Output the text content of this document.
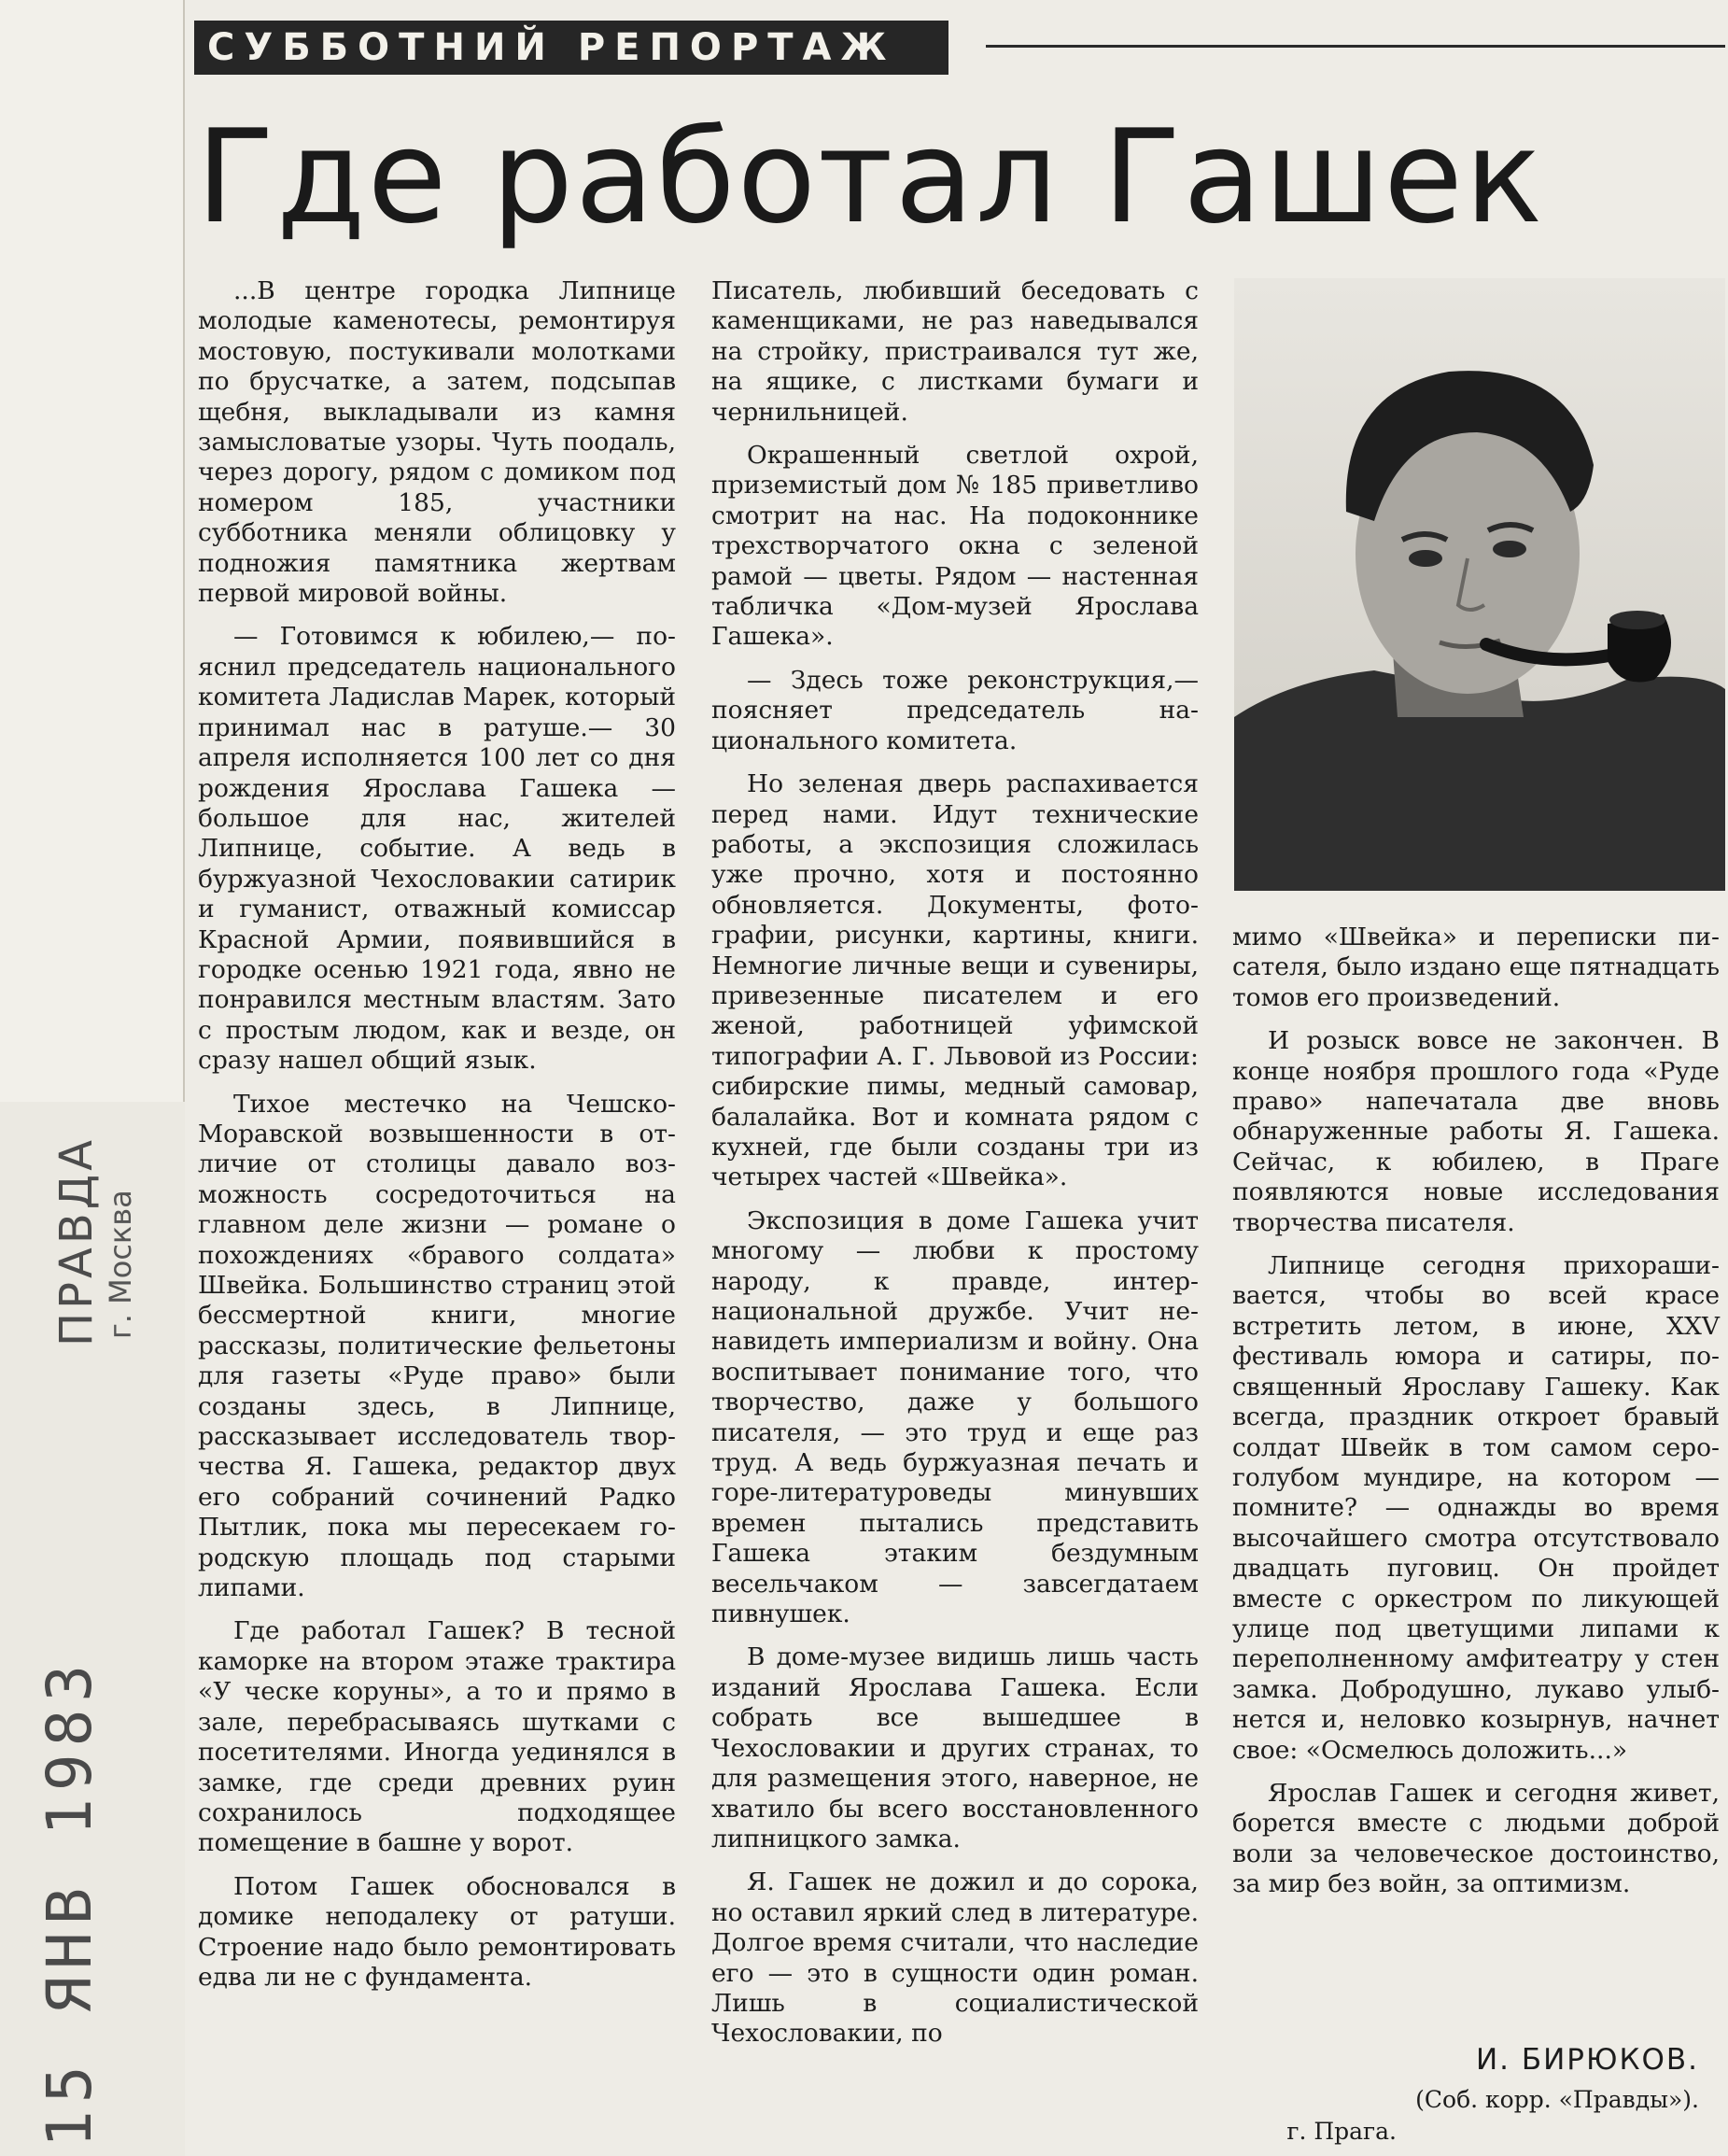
СУББОТНИЙ РЕПОРТАЖ
Где работал Гашек

...В центре городка Липнице молодые каменотесы, ремонтируя мостовую, постукивали молоткaми по брусчатке, а затем, подсыпав щебня, выкладывали из камня замысловатые узоры. Чуть поодаль, через дорогу, рядом с домиком под номером 185, участники субботника меняли облицовку у подножия памятника жертвам первой мировой войны.

— Готовимся к юбилею,— пояснил председатель национального комитета Ладислав Марек, который принимал нас в ратуше.— 30 апреля исполняется 100 лет со дня рождения Ярослава Гашека — большое для нас, жителей Липнице, событие. А ведь в буржуазной Чехословакии сатирик и гуманист, отважный комиссар Красной Армии, появившийся в городке осенью 1921 года, явно не понравился местным властям. Зато с простым людом, как и везде, он сразу нашел общий язык.

Тихое местечко на Чешско-Моравской возвышенности в отличие от столицы давало возможность сосредоточиться на главном деле жизни — романе о похождениях «бравого солдата» Швейка. Большинство страниц этой бессмертной книги, многие рассказы, политические фельетоны для газеты «Руде право» были созданы здесь, в Липнице, рассказывает исследователь творчества Я. Гашека, редактор двух его собраний сочинений Радко Пытлик, пока мы пересекаем городскую площадь под старыми липами.

Где работал Гашек? В тесной каморке на втором этаже трактира «У ческе коруны», а то и прямо в зале, перебрасываясь шутками с посетителями. Иногда уединялся в замке, где среди древних руин сохранилось подходящее помещение в башне у ворот.

Потом Гашек обосновался в домике неподалеку от ратуши. Строение надо было ремонтировать едва ли не с фундамента.

Писатель, любивший беседовать с каменщиками, не раз наведывался на стройку, пристраивался тут же, на ящике, с листками бумаги и чернильницей.

Окрашенный светлой охрой, приземистый дом № 185 приветливо смотрит на нас. На подоконнике трехстворчатого окна с зеленой рамой — цветы. Рядом — настенная табличка «Дом-музей Ярослава Гашека».

— Здесь тоже реконструкция,— поясняет председатель национального комитета.

Но зеленая дверь распахивается перед нами. Идут технические работы, а экспозиция сложилась уже прочно, хотя и постоянно обновляется. Документы, фотографии, рисунки, картины, книги. Немногие личные вещи и сувениры, привезенные писателем и его женой, работницей уфимской типографии А. Г. Львовой из России: сибирские пимы, медный самовар, балалайка. Вот и комната рядом с кухней, где были созданы три из четырех частей «Швейка».

Экспозиция в доме Гашека учит многому — любви к простому народу, к правде, интернациональной дружбе. Учит ненавидеть империализм и войну. Она воспитывает понимание того, что творчество, даже у большого писателя, — это труд и еще раз труд. А ведь буржуазная печать и горе-литературоведы минувших времен пытались представить Гашека этаким бездумным весельчаком — завсегдатаем пивнушек.

В доме-музее видишь лишь часть изданий Ярослава Гашека. Если собрать все вышедшее в Чехословакии и других странах, то для размещения этого, наверное, не хватило бы всего восстановленного липницкого замка.

Я. Гашек не дожил и до сорока, но оставил яркий след в литературе. Долгое время считали, что наследие его — это в сущности один роман. Лишь в социалистической Чехословакии, по

мимо «Швейка» и переписки писателя, было издано еще пятнадцать томов его произведений.

И розыск вовсе не закончен. В конце ноября прошлого года «Руде право» напечатала две вновь обнаруженные работы Я. Гашека. Сейчас, к юбилею, в Праге появляются новые исследования творчества писателя.

Липнице сегодня прихорашивается, чтобы во всей красе встретить летом, в июне, XXV фестиваль юмора и сатиры, посвященный Ярославу Гашеку. Как всегда, праздник откроет бравый солдат Швейк в том самом серо-голубом мундире, на котором — помните? — однажды во время высочайшего смотра отсутствовало двадцать пуговиц. Он пройдет вместе с оркестром по ликующей улице под цветущими липами к переполненному амфитеатру у стен замка. Добродушно, лукаво улыбнется и, неловко козырнув, начнет свое: «Осмелюсь доложить...»

Ярослав Гашек и сегодня живет, борется вместе с людьми доброй воли за человеческое достоинство, за мир без войн, за оптимизм.

И. БИРЮКОВ.
(Соб. корр. «Правды»).
г. Прага.
15 ЯНВ 1983
ПРАВДА г. Москва
